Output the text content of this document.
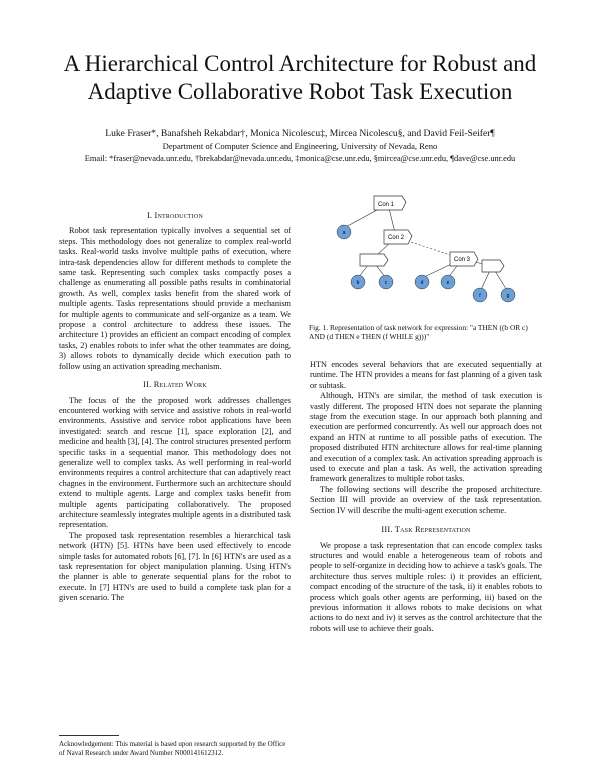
A Hierarchical Control Architecture for Robust and
Adaptive Collaborative Robot Task Execution
Luke Fraser*, Banafsheh Rekabdar†, Monica Nicolescu‡, Mircea Nicolescu§, and David Feil-Seifer¶
Department of Computer Science and Engineering, University of Nevada, Reno
Email: *fraser@nevada.unr.edu, †brekabdar@nevada.unr.edu, ‡monica@cse.unr.edu, §mircea@cse.unr.edu, ¶dave@cse.unr.edu
I. Introduction

Robot task representation typically involves a sequential set of steps. This methodology does not generalize to complex real-world tasks. Real-world tasks involve multiple paths of execution, where intra-task dependencies allow for different methods to complete the same task. Representing such complex tasks compactly poses a challenge as enumerating all possible paths results in combinatorial growth. As well, complex tasks benefit from the shared work of multiple agents. Tasks representations should provide a mechanism for multiple agents to communicate and self-organize as a team. We propose a control architecture to address these issues. The architecture 1) provides an efficient an compact encoding of complex tasks, 2) enables robots to infer what the other teammates are doing, 3) allows robots to dynamically decide which execution path to follow using an activation spreading mechanism.

II. Related Work

The focus of the the proposed work addresses challenges encountered working with service and assistive robots in real-world environments. Assistive and service robot applications have been investigated: search and rescue [1], space exploration [2], and medicine and health [3], [4]. The control structures presented perform specific tasks in a sequential manor. This methodology does not generalize well to complex tasks. As well performing in real-world environments requires a control architecture that can adaptively react chagnes in the environment. Furthermore such an architecture should extend to multiple agents. Large and complex tasks benefit from multiple agents participating collaboratively. The proposed architecture seamlessly integrates multiple agents in a distributed task representation.

The proposed task representation resembles a hierarchical task network (HTN) [5]. HTNs have been used effectively to encode simple tasks for automated robots [6], [7]. In [6] HTN's are used as a task representation for object manipulation planning. Using HTN's the planner is able to generate sequential plans for the robot to execute. In [7] HTN's are used to build a complete task plan for a given scenario. The

Con 1
a
Con 2
Con 3
b	c	d	e
f	g
Fig. 1. Representation of task network for expression: "a THEN ((b OR c) AND (d THEN e THEN (f WHILE g)))"

HTN encodes several behaviors that are executed sequentially at runtime. The HTN provides a means for fast planning of a given task or subtask.

Although, HTN's are similar, the method of task execution is vastly different. The proposed HTN does not separate the planning stage from the execution stage. In our approach both planning and execution are performed concurrently. As well our approach does not expand an HTN at runtime to all possible paths of execution. The proposed distributed HTN architecture allows for real-time planning and execution of a complex task. An activation spreading approach is used to execute and plan a task. As well, the activation spreading framework generalizes to multiple robot tasks.

The following sections will describe the proposed architecture. Section III will provide an overview of the task representation. Section IV will describe the multi-agent execution scheme.

III. Task Representation

We propose a task representation that can encode complex tasks structures and would enable a heterogeneous team of robots and people to self-organize in deciding how to achieve a task's goals. The architecture thus serves multiple roles: i) it provides an efficient, compact encoding of the structure of the task, ii) it enables robots to process which goals other agents are performing, iii) based on the previous information it allows robots to make decisions on what actions to do next and iv) it serves as the control architecture that the robots will use to achieve their goals.

Acknowledgement: This material is based upon research supported by the Office of Naval Research under Award Number N000141612312.
